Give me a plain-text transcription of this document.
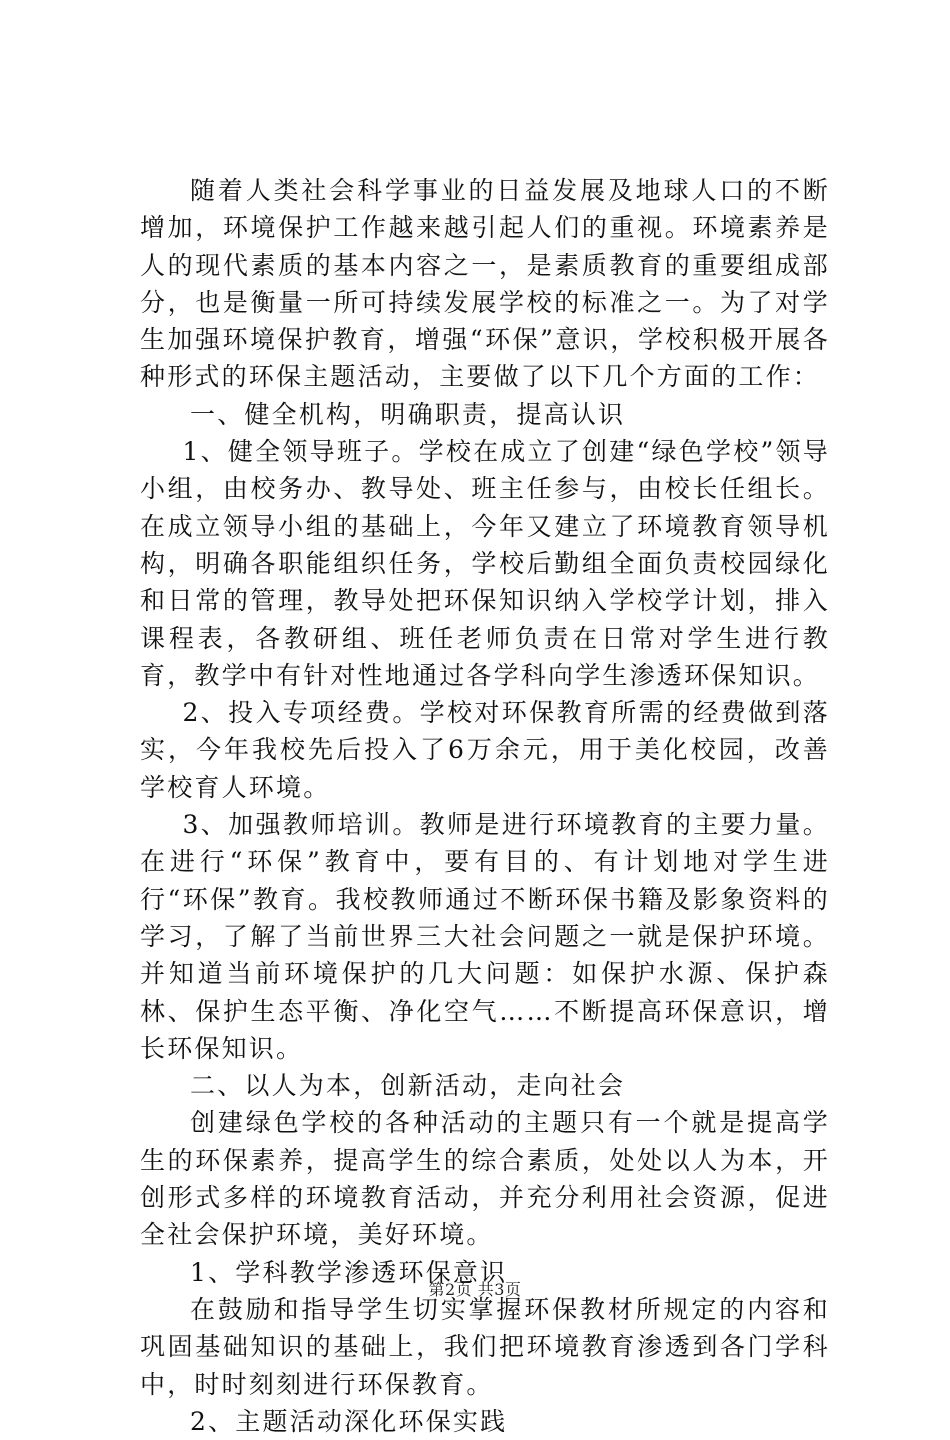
随着人类社会科学事业的日益发展及地球人口的不断增加，环境保护工作越来越引起人们的重视。环境素养是人的现代素质的基本内容之一，是素质教育的重要组成部分，也是衡量一所可持续发展学校的标准之一。为了对学生加强环境保护教育，增强“环保”意识，学校积极开展各种形式的环保主题活动，主要做了以下几个方面的工作：

一、健全机构，明确职责，提高认识

1、健全领导班子。学校在成立了创建“绿色学校”领导小组，由校务办、教导处、班主任参与，由校长任组长。在成立领导小组的基础上，今年又建立了环境教育领导机构，明确各职能组织任务，学校后勤组全面负责校园绿化和日常的管理，教导处把环保知识纳入学校学计划，排入课程表，各教研组、班任老师负责在日常对学生进行教育，教学中有针对性地通过各学科向学生渗透环保知识。

2、投入专项经费。学校对环保教育所需的经费做到落实，今年我校先后投入了6万余元，用于美化校园，改善学校育人环境。

3、加强教师培训。教师是进行环境教育的主要力量。在进行“环保”教育中，要有目的、有计划地对学生进行“环保”教育。我校教师通过不断环保书籍及影象资料的学习，了解了当前世界三大社会问题之一就是保护环境。并知道当前环境保护的几大问题：如保护水源、保护森林、保护生态平衡、净化空气……不断提高环保意识，增长环保知识。

二、以人为本，创新活动，走向社会

创建绿色学校的各种活动的主题只有一个就是提高学生的环保素养，提高学生的综合素质，处处以人为本，开创形式多样的环境教育活动，并充分利用社会资源，促进全社会保护环境，美好环境。

1、学科教学渗透环保意识

在鼓励和指导学生切实掌握环保教材所规定的内容和巩固基础知识的基础上，我们把环境教育渗透到各门学科中，时时刻刻进行环保教育。

2、主题活动深化环保实践

第2页 共3页
